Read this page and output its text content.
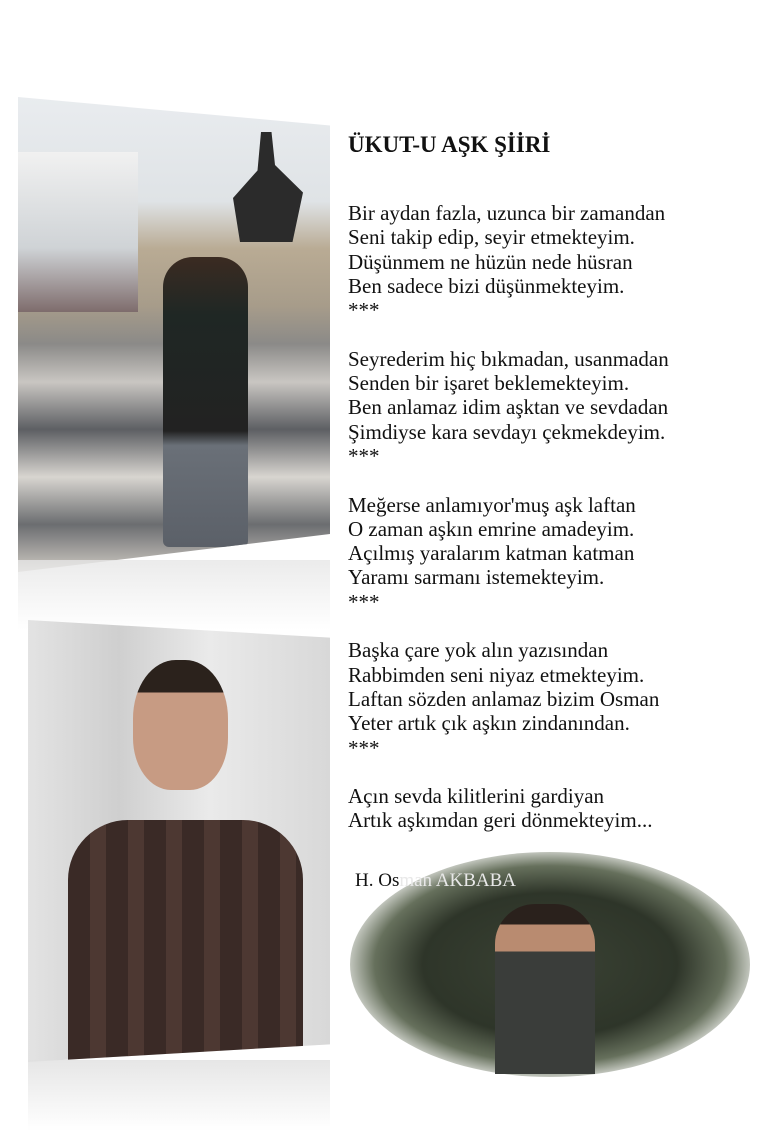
ÜKUT-U AŞK ŞİİRİ
Bir aydan fazla, uzunca bir zamandan
Seni takip edip, seyir etmekteyim.
Düşünmem ne hüzün nede hüsran
Ben sadece bizi düşünmekteyim.
***
Seyrederim hiç bıkmadan, usanmadan
Senden bir işaret beklemekteyim.
Ben anlamaz idim aşktan ve sevdadan
Şimdiyse kara sevdayı çekmekdeyim.
***
Meğerse anlamıyor'muş aşk laftan
O zaman aşkın emrine amadeyim.
Açılmış yaralarım katman katman
Yaramı sarmanı istemekteyim.
***
Başka çare yok alın yazısından
Rabbimden seni niyaz etmekteyim.
Laftan sözden anlamaz bizim Osman
Yeter artık çık aşkın zindanından.
***
Açın sevda kilitlerini gardiyan
Artık aşkımdan geri dönmekteyim...
H. Osman AKBABA
